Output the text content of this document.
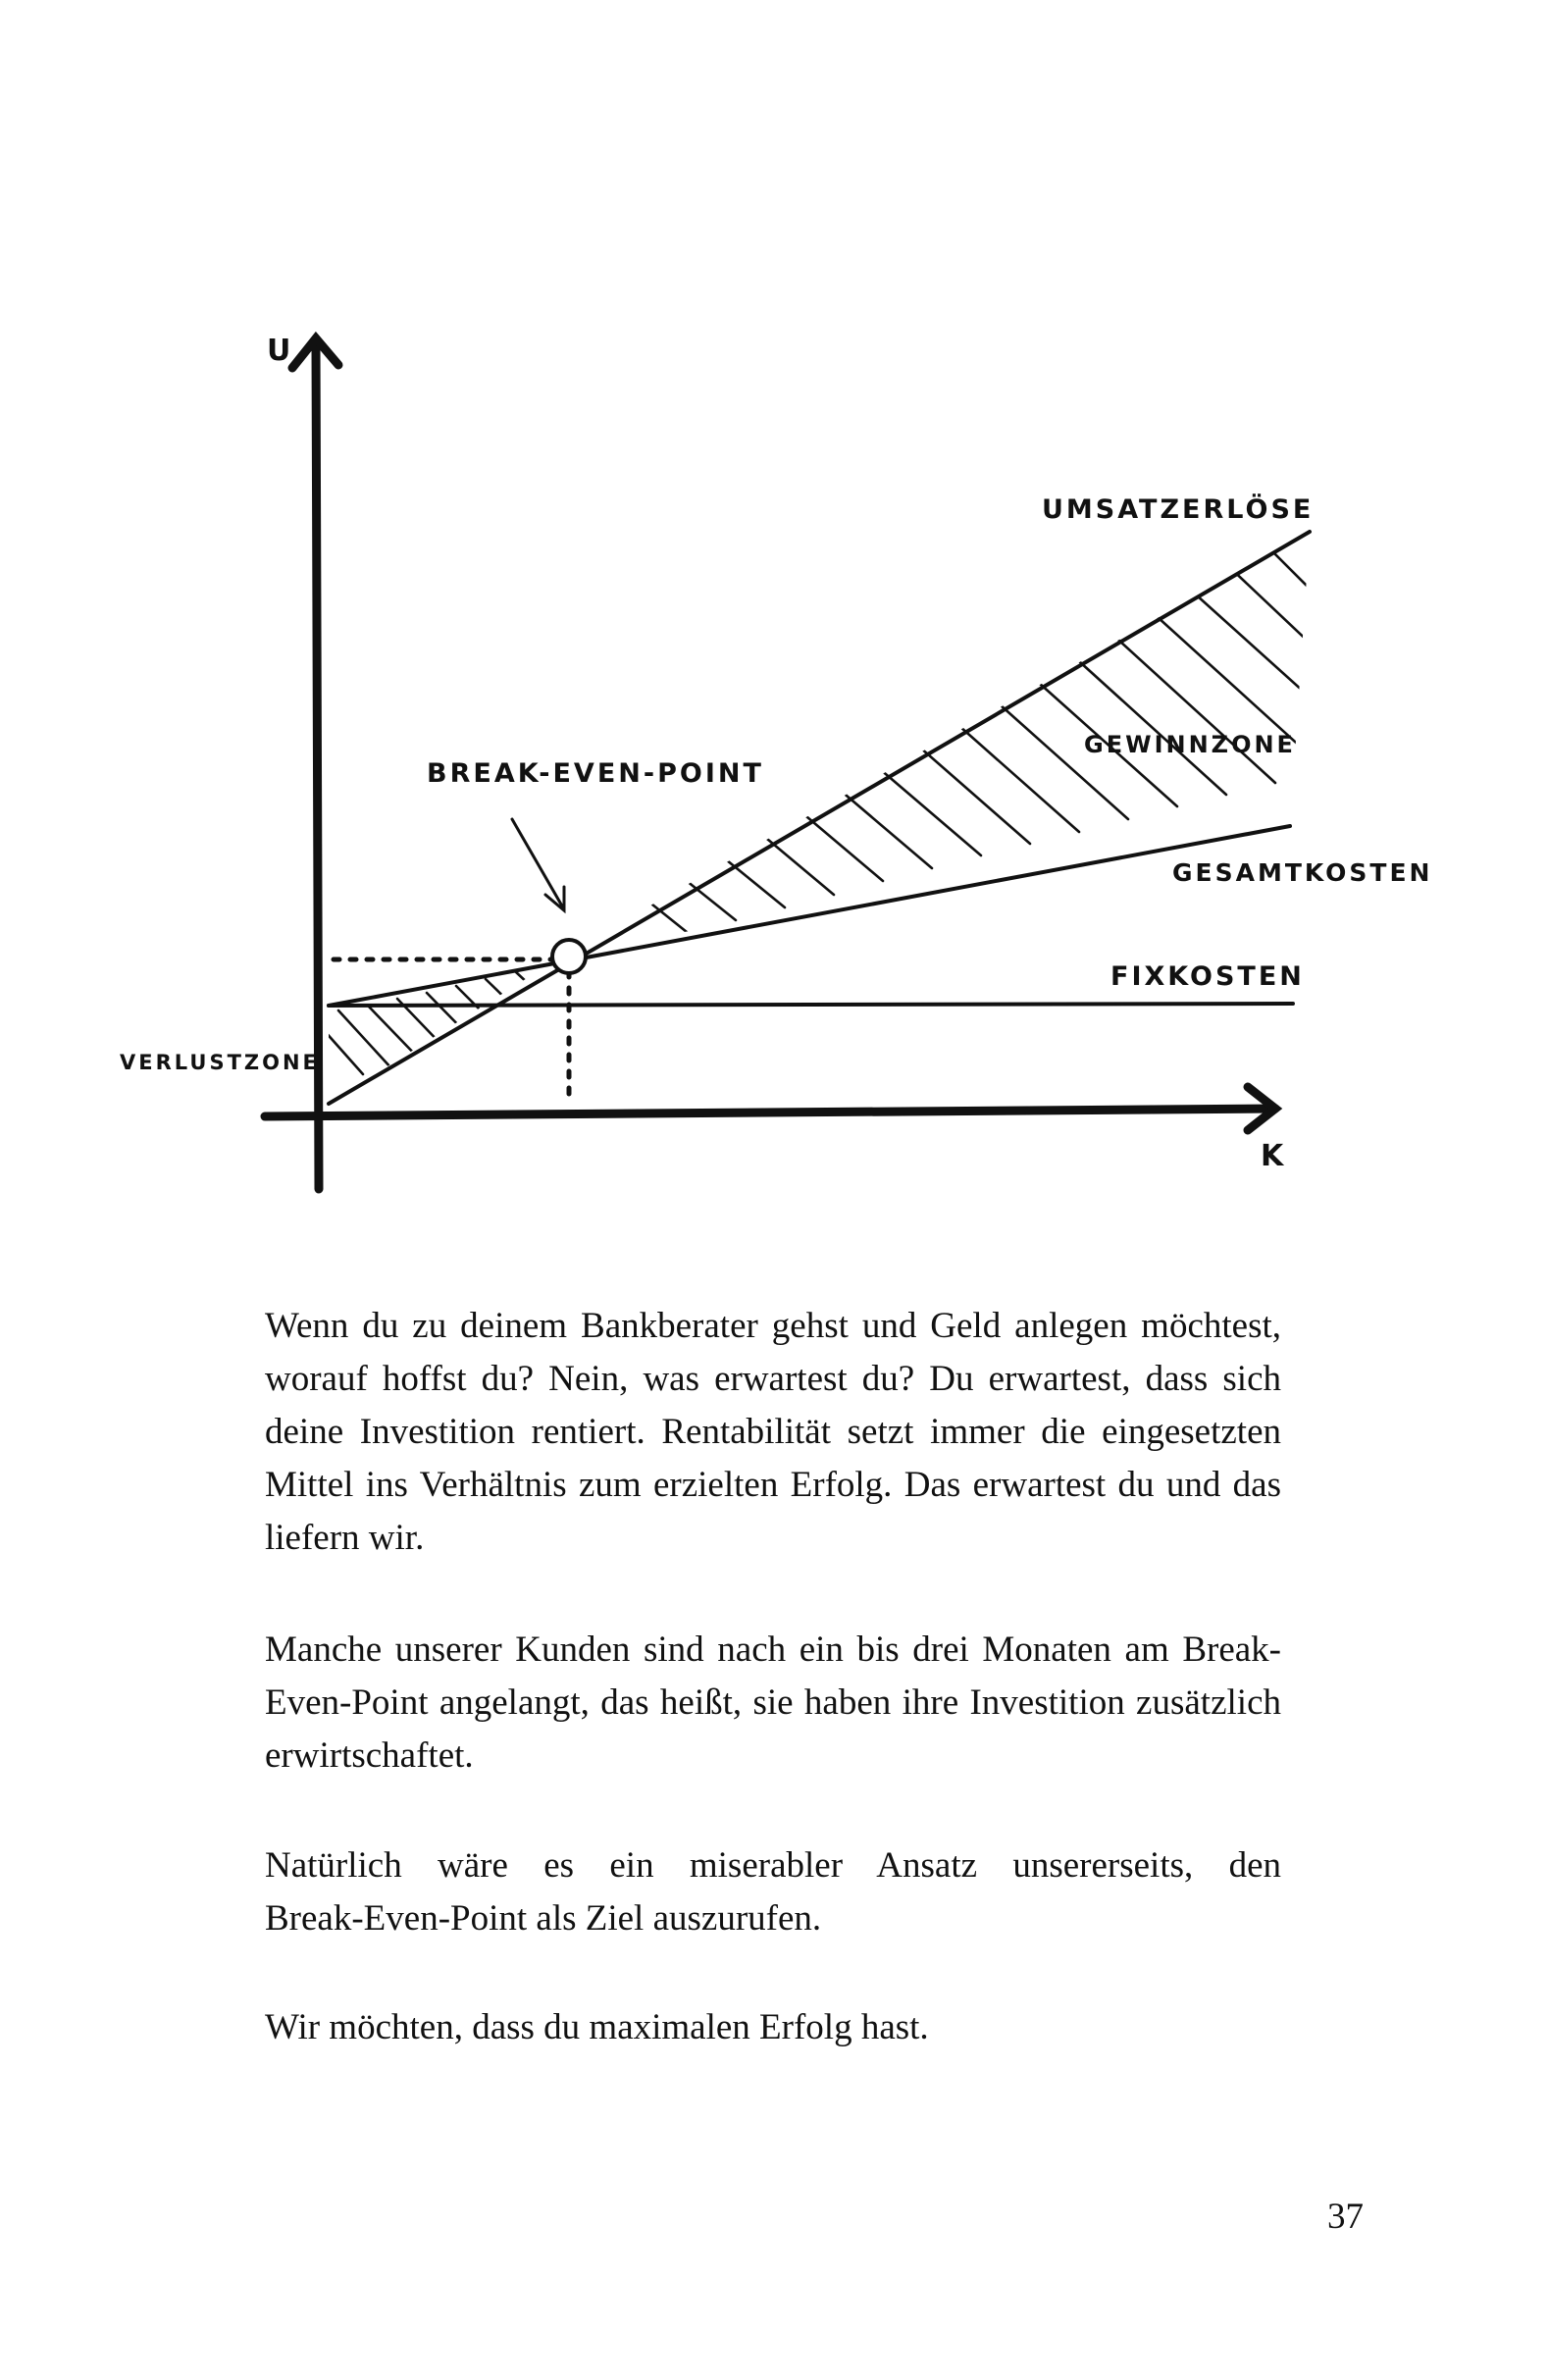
U
K
UMSATZERLÖSE
GEWINNZONE
GESAMTKOSTEN
FIXKOSTEN
VERLUSTZONE
BREAK-EVEN-POINT

Wenn du zu deinem Bankberater gehst und Geld anlegen möchtest, worauf hoffst du? Nein, was erwartest du? Du erwartest, dass sich deine Investition rentiert. Rentabilität setzt immer die eingesetzten Mittel ins Verhältnis zum erzielten Erfolg. Das erwartest du und das liefern wir.

Manche unserer Kunden sind nach ein bis drei Monaten am Break-Even-Point angelangt, das heißt, sie haben ihre Investition zusätzlich erwirtschaftet.

Natürlich wäre es ein miserabler Ansatz unsererseits, den

Break-Even-Point als Ziel auszurufen.

Wir möchten, dass du maximalen Erfolg hast.

37
